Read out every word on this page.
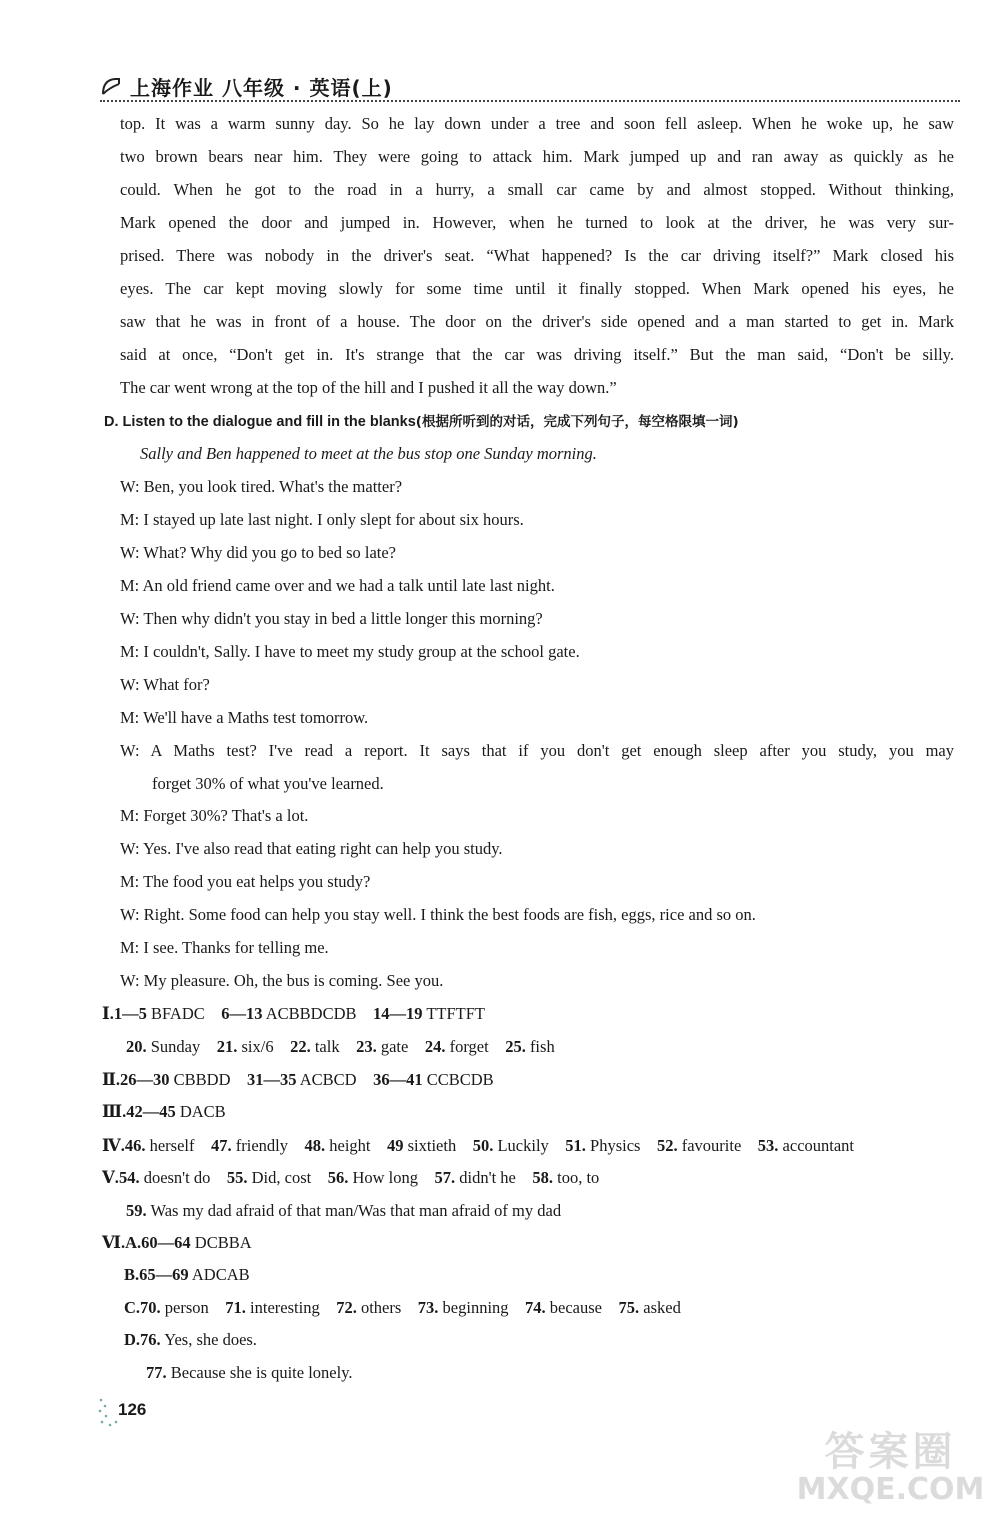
上海作业 八年级 · 英语(上)
top. It was a warm sunny day. So he lay down under a tree and soon fell asleep. When he woke up, he saw
two brown bears near him. They were going to attack him. Mark jumped up and ran away as quickly as he
could. When he got to the road in a hurry, a small car came by and almost stopped. Without thinking,
Mark opened the door and jumped in. However, when he turned to look at the driver, he was very sur-
prised. There was nobody in the driver's seat. “What happened? Is the car driving itself?” Mark closed his
eyes. The car kept moving slowly for some time until it finally stopped. When Mark opened his eyes, he
saw that he was in front of a house. The door on the driver's side opened and a man started to get in. Mark
said at once, “Don't get in. It's strange that the car was driving itself.” But the man said, “Don't be silly.
The car went wrong at the top of the hill and I pushed it all the way down.”
D. Listen to the dialogue and fill in the blanks(根据所听到的对话，完成下列句子，每空格限填一词)
Sally and Ben happened to meet at the bus stop one Sunday morning.
W: Ben, you look tired. What's the matter?
M: I stayed up late last night. I only slept for about six hours.
W: What? Why did you go to bed so late?
M: An old friend came over and we had a talk until late last night.
W: Then why didn't you stay in bed a little longer this morning?
M: I couldn't, Sally. I have to meet my study group at the school gate.
W: What for?
M: We'll have a Maths test tomorrow.
W: A Maths test? I've read a report. It says that if you don't get enough sleep after you study, you may
forget 30% of what you've learned.
M: Forget 30%? That's a lot.
W: Yes. I've also read that eating right can help you study.
M: The food you eat helps you study?
W: Right. Some food can help you stay well. I think the best foods are fish, eggs, rice and so on.
M: I see. Thanks for telling me.
W: My pleasure. Oh, the bus is coming. See you.
Ⅰ.1—5 BFADC 6—13 ACBBDCDB 14—19 TTFTFT
20. Sunday 21. six/6 22. talk 23. gate 24. forget 25. fish
Ⅱ.26—30 CBBDD 31—35 ACBCD 36—41 CCBCDB
Ⅲ.42—45 DACB
Ⅳ.46. herself 47. friendly 48. height 49 sixtieth 50. Luckily 51. Physics 52. favourite 53. accountant
Ⅴ.54. doesn't do 55. Did, cost 56. How long 57. didn't he 58. too, to
59. Was my dad afraid of that man/Was that man afraid of my dad
Ⅵ.A.60—64 DCBBA
B.65—69 ADCAB
C.70. person 71. interesting 72. others 73. beginning 74. because 75. asked
D.76. Yes, she does.
77. Because she is quite lonely.
126
答案圈
MXQE.COM
